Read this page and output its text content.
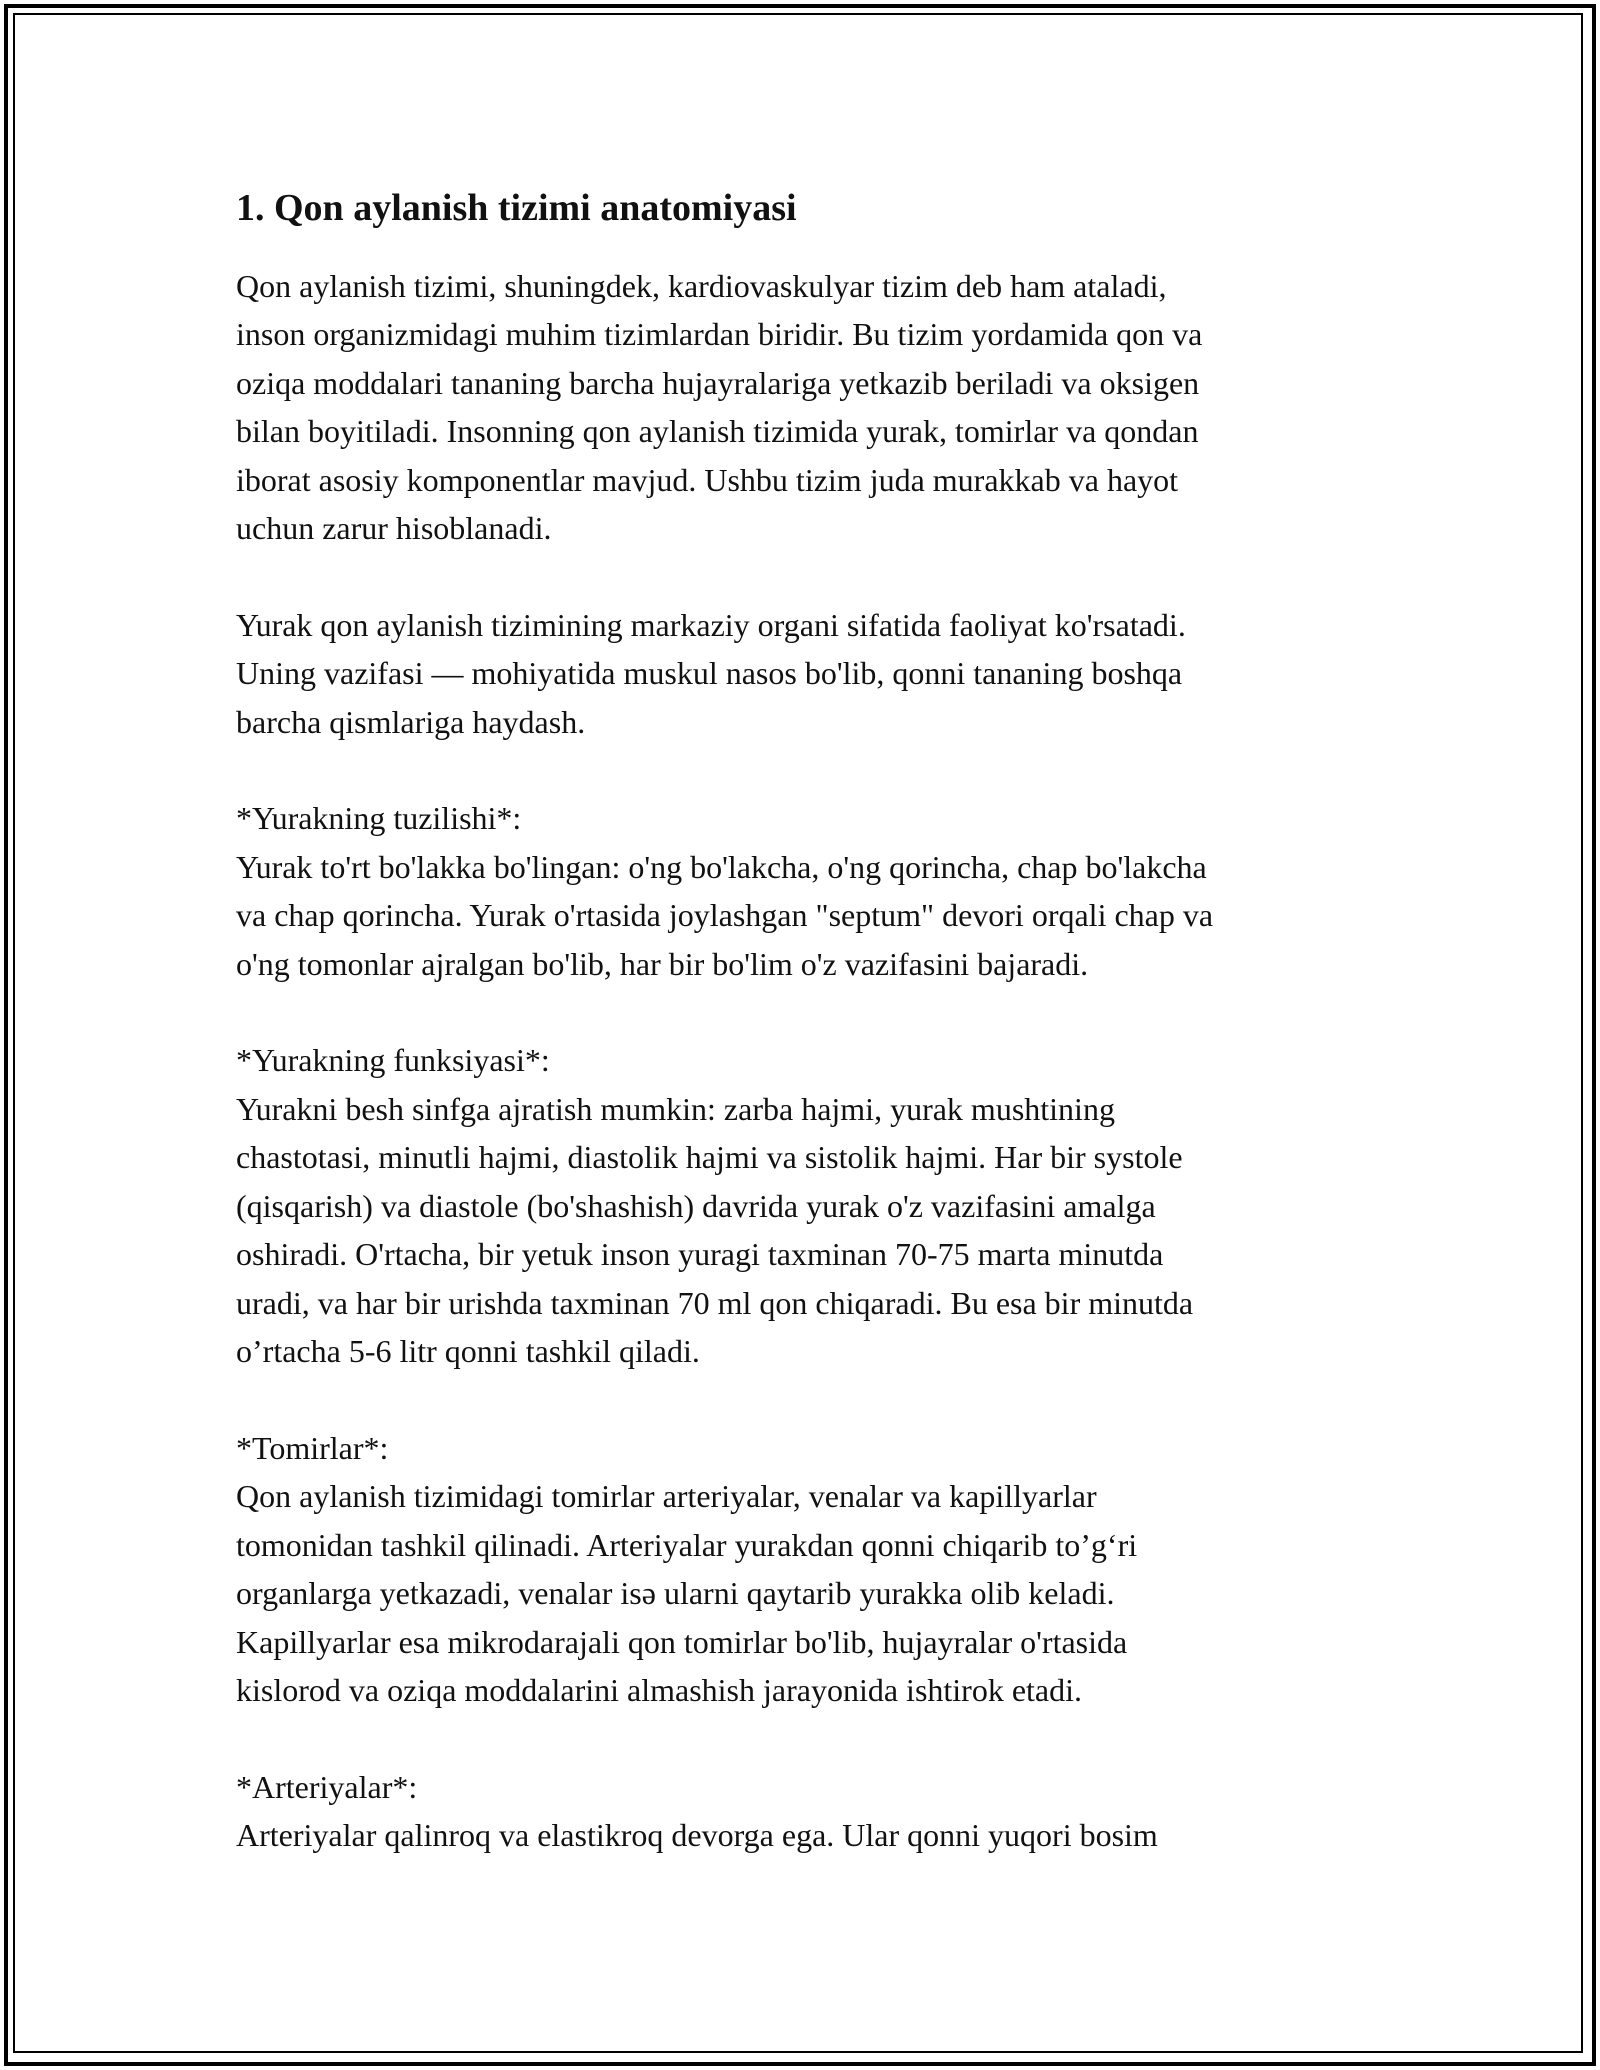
1. Qon aylanish tizimi anatomiyasi

Qon aylanish tizimi, shuningdek, kardiovaskulyar tizim deb ham ataladi,
inson organizmidagi muhim tizimlardan biridir. Bu tizim yordamida qon va
oziqa moddalari tananing barcha hujayralariga yetkazib beriladi va oksigen
bilan boyitiladi. Insonning qon aylanish tizimida yurak, tomirlar va qondan
iborat asosiy komponentlar mavjud. Ushbu tizim juda murakkab va hayot
uchun zarur hisoblanadi.

Yurak qon aylanish tizimining markaziy organi sifatida faoliyat ko'rsatadi.
Uning vazifasi — mohiyatida muskul nasos bo'lib, qonni tananing boshqa
barcha qismlariga haydash.

*Yurakning tuzilishi*:

Yurak to'rt bo'lakka bo'lingan: o'ng bo'lakcha, o'ng qorincha, chap bo'lakcha
va chap qorincha. Yurak o'rtasida joylashgan "septum" devori orqali chap va
o'ng tomonlar ajralgan bo'lib, har bir bo'lim o'z vazifasini bajaradi.

*Yurakning funksiyasi*:

Yurakni besh sinfga ajratish mumkin: zarba hajmi, yurak mushtining
chastotasi, minutli hajmi, diastolik hajmi va sistolik hajmi. Har bir systole
(qisqarish) va diastole (bo'shashish) davrida yurak o'z vazifasini amalga
oshiradi. O'rtacha, bir yetuk inson yuragi taxminan 70-75 marta minutda
uradi, va har bir urishda taxminan 70 ml qon chiqaradi. Bu esa bir minutda
o’rtacha 5-6 litr qonni tashkil qiladi.

*Tomirlar*:

Qon aylanish tizimidagi tomirlar arteriyalar, venalar va kapillyarlar
tomonidan tashkil qilinadi. Arteriyalar yurakdan qonni chiqarib to’g‘ri
organlarga yetkazadi, venalar isə ularni qaytarib yurakka olib keladi.
Kapillyarlar esa mikrodarajali qon tomirlar bo'lib, hujayralar o'rtasida
kislorod va oziqa moddalarini almashish jarayonida ishtirok etadi.

*Arteriyalar*:

Arteriyalar qalinroq va elastikroq devorga ega. Ular qonni yuqori bosim
